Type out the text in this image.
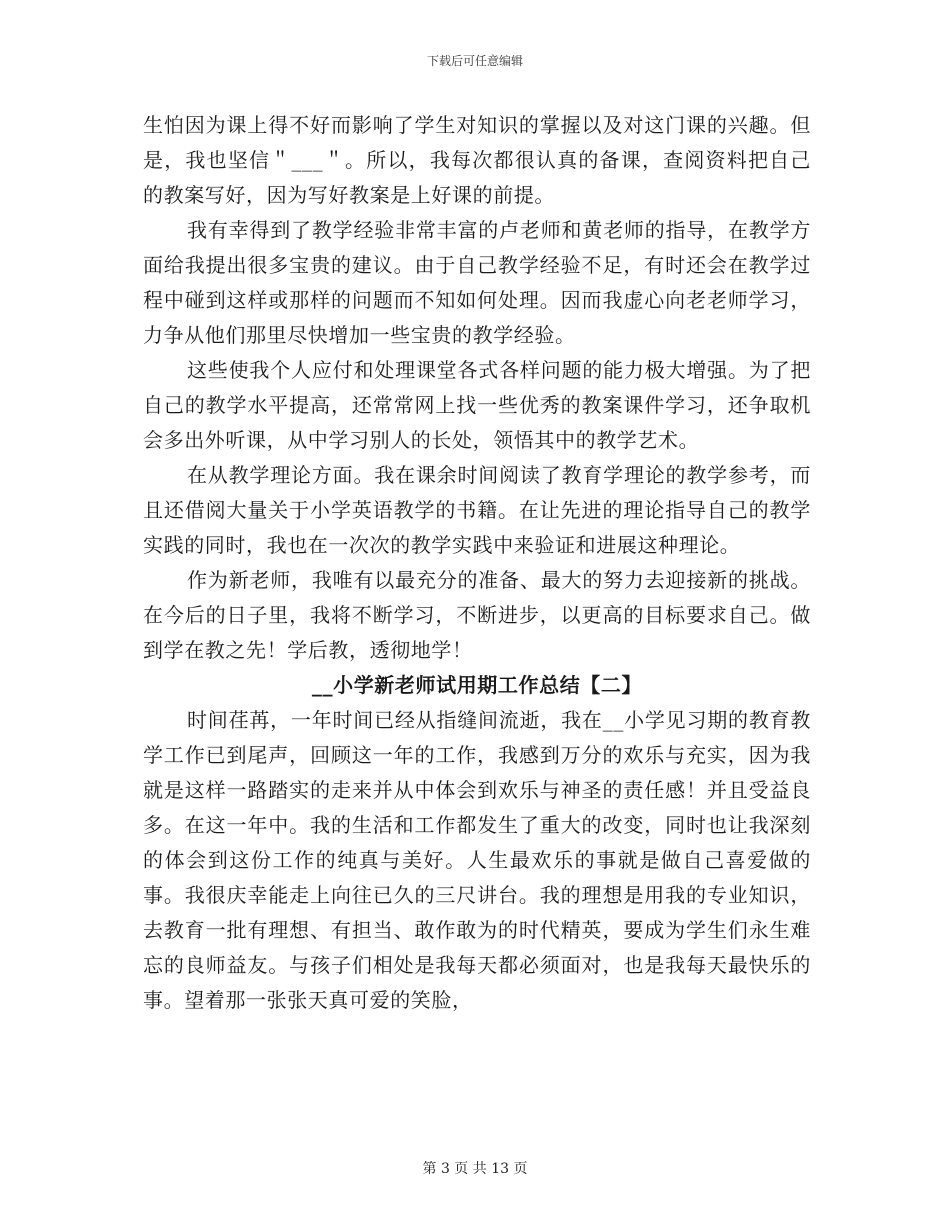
下载后可任意编辑

生怕因为课上得不好而影响了学生对知识的掌握以及对这门课的兴趣。但是，我也坚信＂___＂。所以，我每次都很认真的备课，查阅资料把自己的教案写好，因为写好教案是上好课的前提。

我有幸得到了教学经验非常丰富的卢老师和黄老师的指导，在教学方面给我提出很多宝贵的建议。由于自己教学经验不足，有时还会在教学过程中碰到这样或那样的问题而不知如何处理。因而我虚心向老老师学习，力争从他们那里尽快增加一些宝贵的教学经验。

这些使我个人应付和处理课堂各式各样问题的能力极大增强。为了把自己的教学水平提高，还常常网上找一些优秀的教案课件学习，还争取机会多出外听课，从中学习别人的长处，领悟其中的教学艺术。

在从教学理论方面。我在课余时间阅读了教育学理论的教学参考，而且还借阅大量关于小学英语教学的书籍。在让先进的理论指导自己的教学实践的同时，我也在一次次的教学实践中来验证和进展这种理论。

作为新老师，我唯有以最充分的准备、最大的努力去迎接新的挑战。在今后的日子里，我将不断学习，不断进步，以更高的目标要求自己。做到学在教之先！学后教，透彻地学！

__小学新老师试用期工作总结【二】

时间荏苒，一年时间已经从指缝间流逝，我在__小学见习期的教育教学工作已到尾声，回顾这一年的工作，我感到万分的欢乐与充实，因为我就是这样一路踏实的走来并从中体会到欢乐与神圣的责任感！并且受益良多。在这一年中。我的生活和工作都发生了重大的改变，同时也让我深刻的体会到这份工作的纯真与美好。人生最欢乐的事就是做自己喜爱做的事。我很庆幸能走上向往已久的三尺讲台。我的理想是用我的专业知识，去教育一批有理想、有担当、敢作敢为的时代精英，要成为学生们永生难忘的良师益友。与孩子们相处是我每天都必须面对，也是我每天最快乐的事。望着那一张张天真可爱的笑脸，

第 3 页 共 13 页
